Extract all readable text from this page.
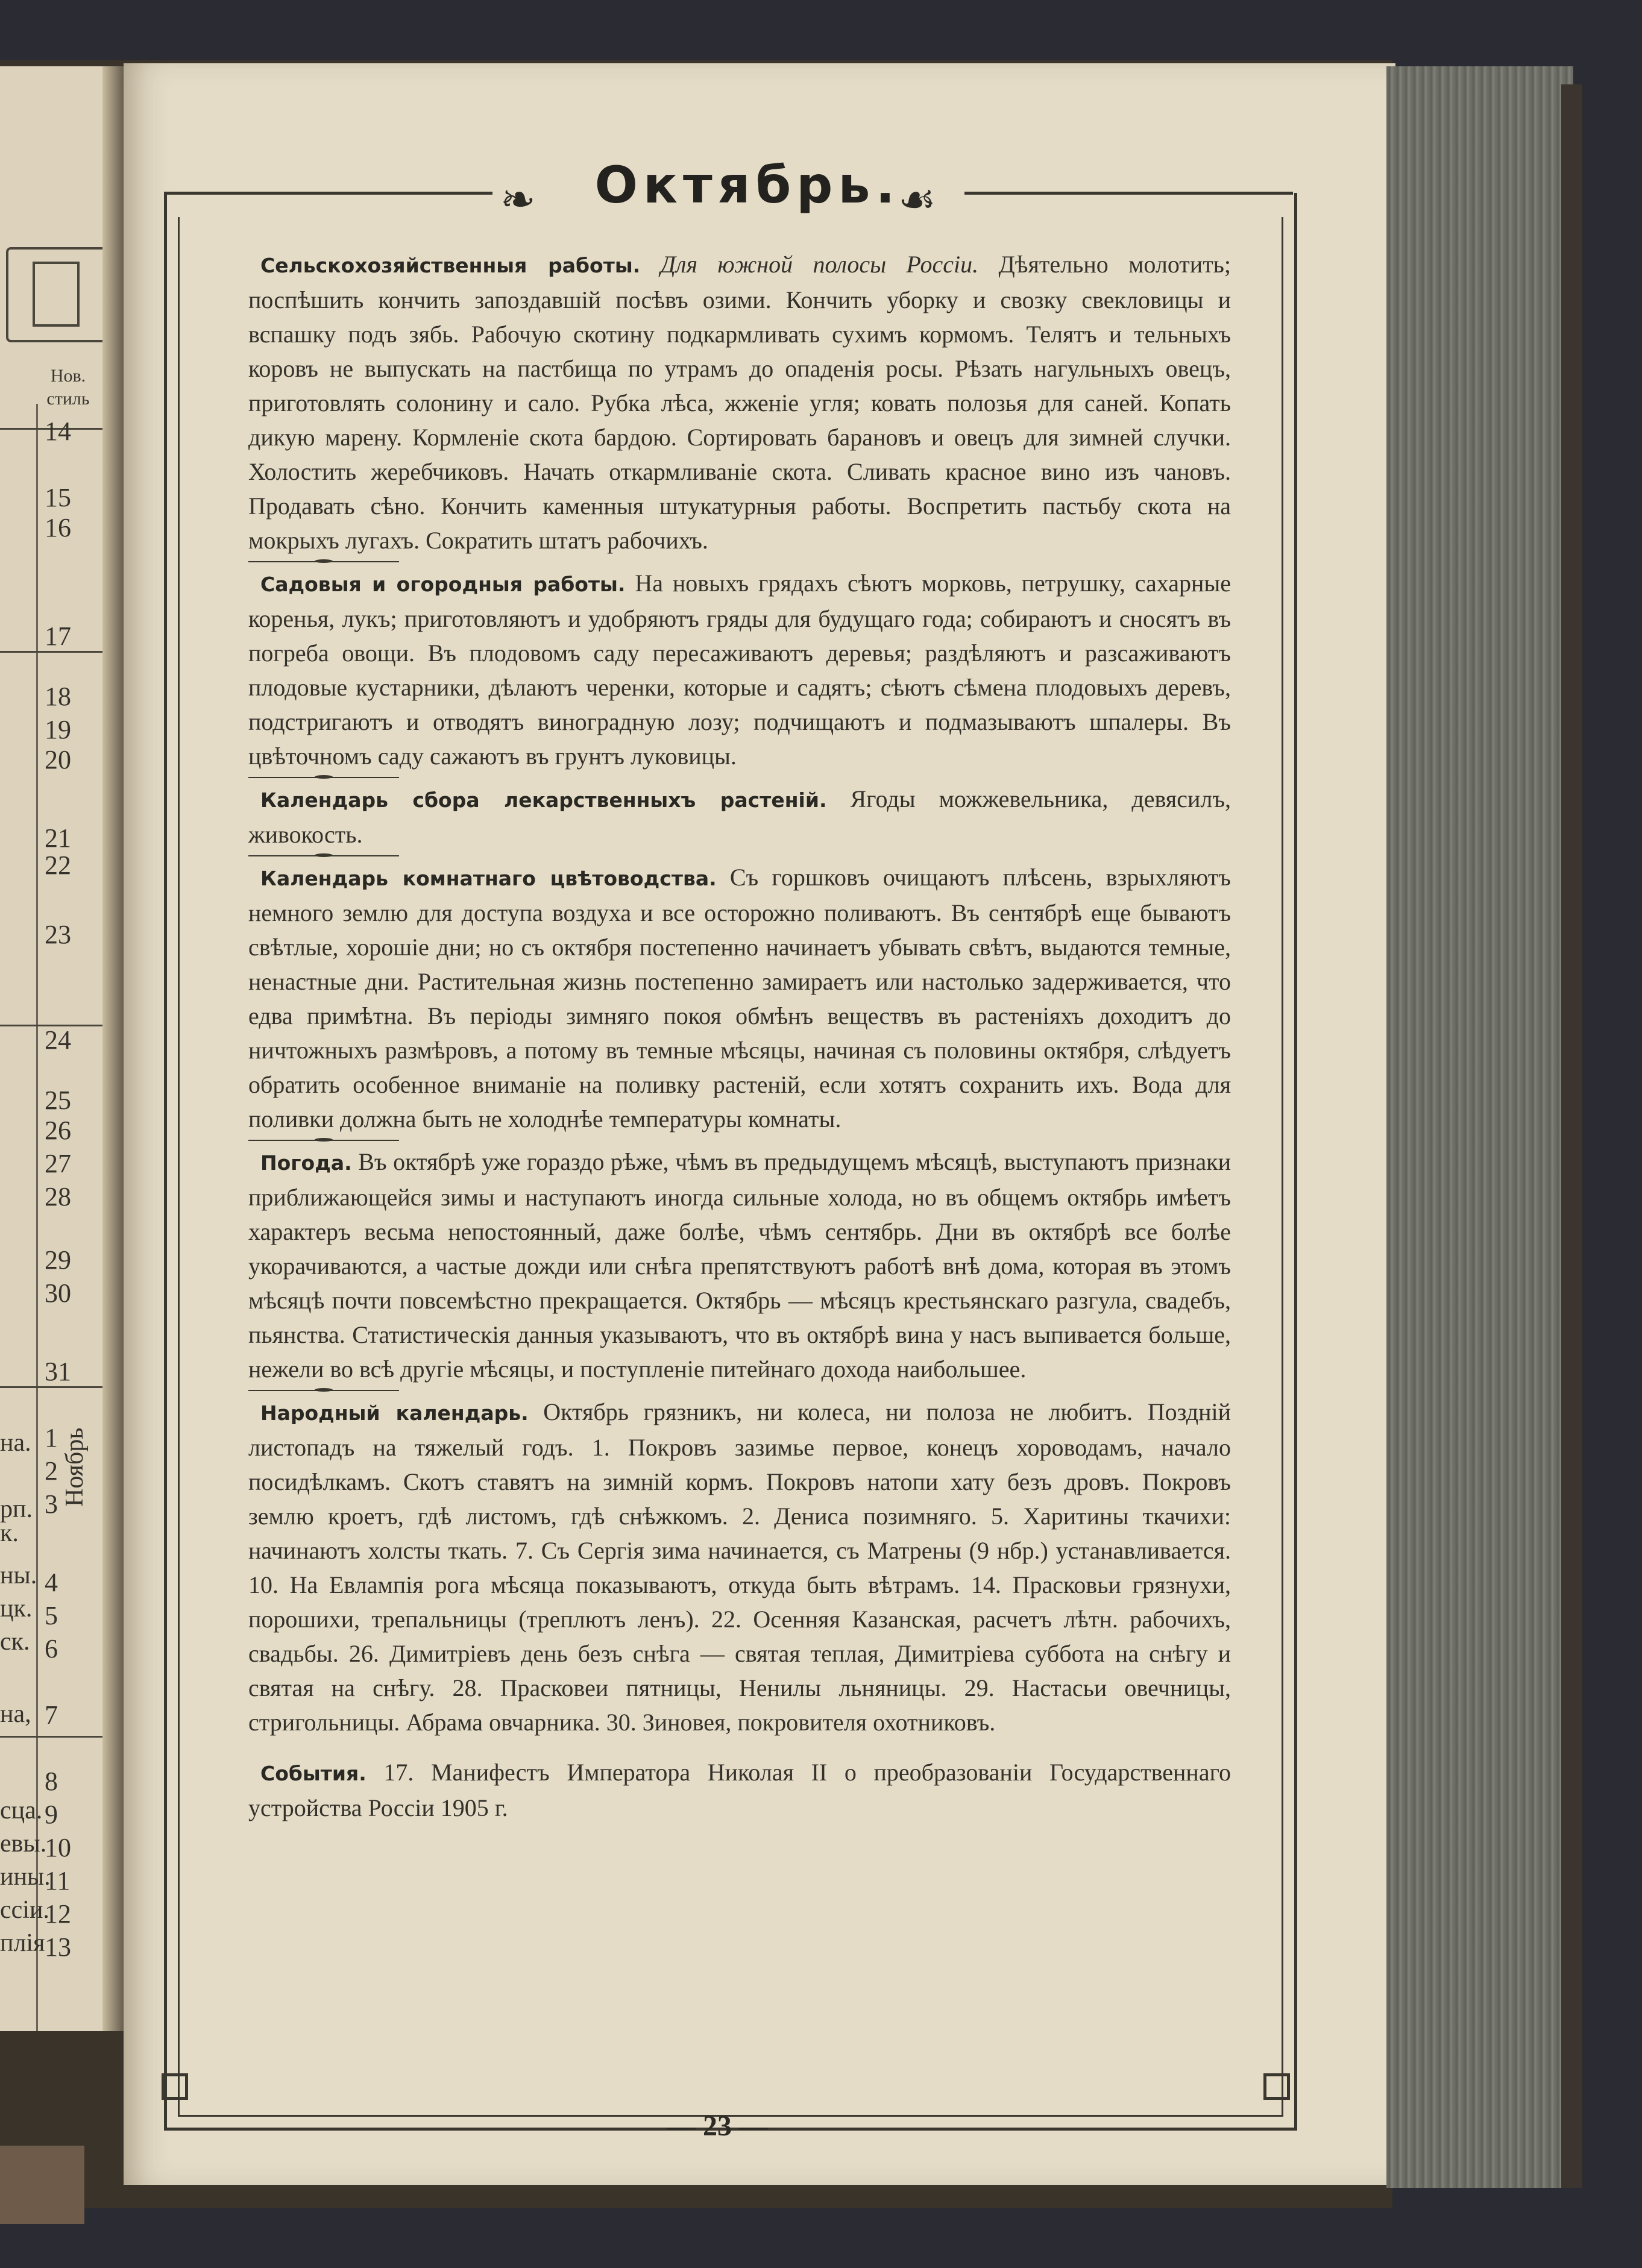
Нов. стиль
Ноябрь
14
15
16
17
18
19
20
21
22
23
24
25
26
27
28
29
30
31
1
2
3
4
5
6
7
8
9
10
11
12
13
на.
рп.
к.
ны.
цк.
ск.
на,
сца.
евы.
ины.
ссiи.
плiя
❧	☙
Октябрь.

Сельскохозяйственныя работы. Для южной полосы Россiи. Дѣятельно молотить; поспѣшить кончить запоздавшiй посѣвъ озими. Кончить уборку и свозку свекловицы и вспашку подъ зябь. Рабочую скотину подкармливать сухимъ кормомъ. Телятъ и тельныхъ коровъ не выпускать на пастбища по утрамъ до опаденiя росы. Рѣзать нагульныхъ овецъ, приготовлять солонину и сало. Рубка лѣса, жженiе угля; ковать полозья для саней. Копать дикую марену. Кормленiе скота бардою. Сортировать барановъ и овецъ для зимней случки. Холостить жеребчиковъ. Начать откармливанiе скота. Сливать красное вино изъ чановъ. Продавать сѣно. Кончить каменныя штукатурныя работы. Воспретить пастьбу скота на мокрыхъ лугахъ. Сократить штатъ рабочихъ.

Садовыя и огородныя работы. На новыхъ грядахъ сѣютъ морковь, петрушку, сахарные коренья, лукъ; приготовляютъ и удобряютъ гряды для будущаго года; собираютъ и сносятъ въ погреба овощи. Въ плодовомъ саду пересаживаютъ деревья; раздѣляютъ и разсаживаютъ плодовые кустарники, дѣлаютъ черенки, которые и садятъ; сѣютъ сѣмена плодовыхъ деревъ, подстригаютъ и отводятъ виноградную лозу; подчищаютъ и подмазываютъ шпалеры. Въ цвѣточномъ саду сажаютъ въ грунтъ луковицы.

Календарь сбора лекарственныхъ растенiй. Ягоды можжевельника, девясилъ, живокость.

Календарь комнатнаго цвѣтоводства. Съ горшковъ очищаютъ плѣсень, взрыхляютъ немного землю для доступа воздуха и все осторожно поливаютъ. Въ сентябрѣ еще бываютъ свѣтлые, хорошiе дни; но съ октября постепенно начинаетъ убывать свѣтъ, выдаются темные, ненастные дни. Растительная жизнь постепенно замираетъ или настолько задерживается, что едва примѣтна. Въ перiоды зимняго покоя обмѣнъ веществъ въ растенiяхъ доходитъ до ничтожныхъ размѣровъ, а потому въ темные мѣсяцы, начиная съ половины октября, слѣдуетъ обратить особенное вниманiе на поливку растенiй, если хотятъ сохранить ихъ. Вода для поливки должна быть не холоднѣе температуры комнаты.

Погода. Въ октябрѣ уже гораздо рѣже, чѣмъ въ предыдущемъ мѣсяцѣ, выступаютъ признаки приближающейся зимы и наступаютъ иногда сильные холода, но въ общемъ октябрь имѣетъ характеръ весьма непостоянный, даже болѣе, чѣмъ сентябрь. Дни въ октябрѣ все болѣе укорачиваются, а частые дожди или снѣга препятствуютъ работѣ внѣ дома, которая въ этомъ мѣсяцѣ почти повсемѣстно прекращается. Октябрь — мѣсяцъ крестьянскаго разгула, свадебъ, пьянства. Статистическiя данныя указываютъ, что въ октябрѣ вина у насъ выпивается больше, нежели во всѣ другiе мѣсяцы, и поступленiе питейнаго дохода наибольшее.

Народный календарь. Октябрь грязникъ, ни колеса, ни полоза не любитъ. Поздній листопадъ на тяжелый годъ. 1. Покровъ зазимье первое, конецъ хороводамъ, начало посидѣлкамъ. Скотъ ставятъ на зимнiй кормъ. Покровъ натопи хату безъ дровъ. Покровъ землю кроетъ, гдѣ листомъ, гдѣ снѣжкомъ. 2. Дениса позимняго. 5. Харитины ткачихи: начинаютъ холсты ткать. 7. Съ Сергiя зима начинается, съ Матрены (9 нбр.) устанавливается. 10. На Евлампiя рога мѣсяца показываютъ, откуда быть вѣтрамъ. 14. Прасковьи грязнухи, порошихи, трепальницы (треплютъ ленъ). 22. Осенняя Казанская, расчетъ лѣтн. рабочихъ, свадьбы. 26. Димитрiевъ день безъ снѣга — святая теплая, Димитрiева суббота на снѣгу и святая на снѣгу. 28. Прасковеи пятницы, Ненилы льняницы. 29. Настасьи овечницы, стригольницы. Абрама овчарника. 30. Зиновея, покровителя охотниковъ.

События. 17. Манифестъ Императора Николая II о преобразованiи Государственнаго устройства Россiи 1905 г.

— 23 —
